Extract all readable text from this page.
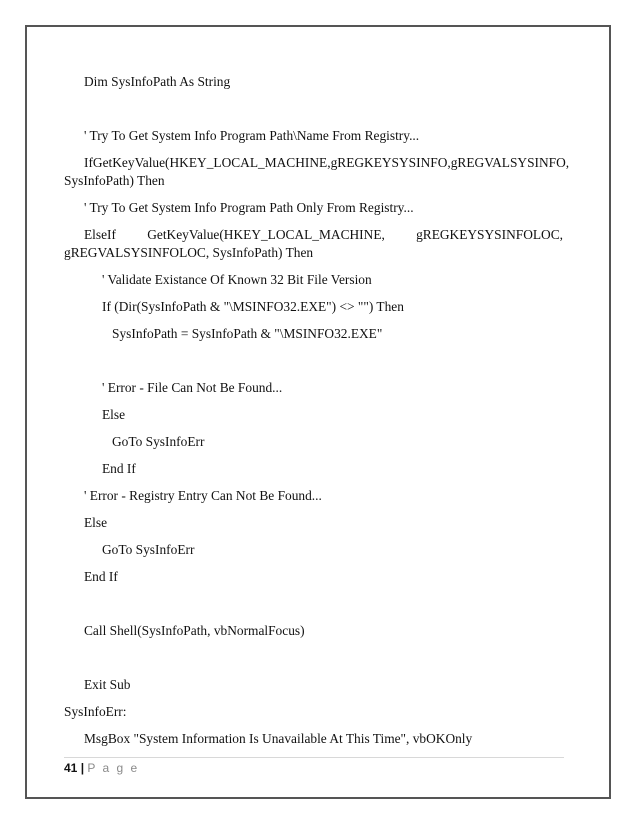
Dim SysInfoPath As String
' Try To Get System Info Program Path\Name From Registry...
If GetKeyValue(HKEY_LOCAL_MACHINE, gREGKEYSYSINFO, gREGVALSYSINFO,
SysInfoPath) Then
' Try To Get System Info Program Path Only From Registry...
ElseIf GetKeyValue(HKEY_LOCAL_MACHINE, gREGKEYSYSINFOLOC,
gREGVALSYSINFOLOC, SysInfoPath) Then
' Validate Existance Of Known 32 Bit File Version
If (Dir(SysInfoPath & "\MSINFO32.EXE") <> "") Then
SysInfoPath = SysInfoPath & "\MSINFO32.EXE"
' Error - File Can Not Be Found...
Else
GoTo SysInfoErr
End If
' Error - Registry Entry Can Not Be Found...
Else
GoTo SysInfoErr
End If
Call Shell(SysInfoPath, vbNormalFocus)
Exit Sub
SysInfoErr:
MsgBox "System Information Is Unavailable At This Time", vbOKOnly
41 | P a g e
